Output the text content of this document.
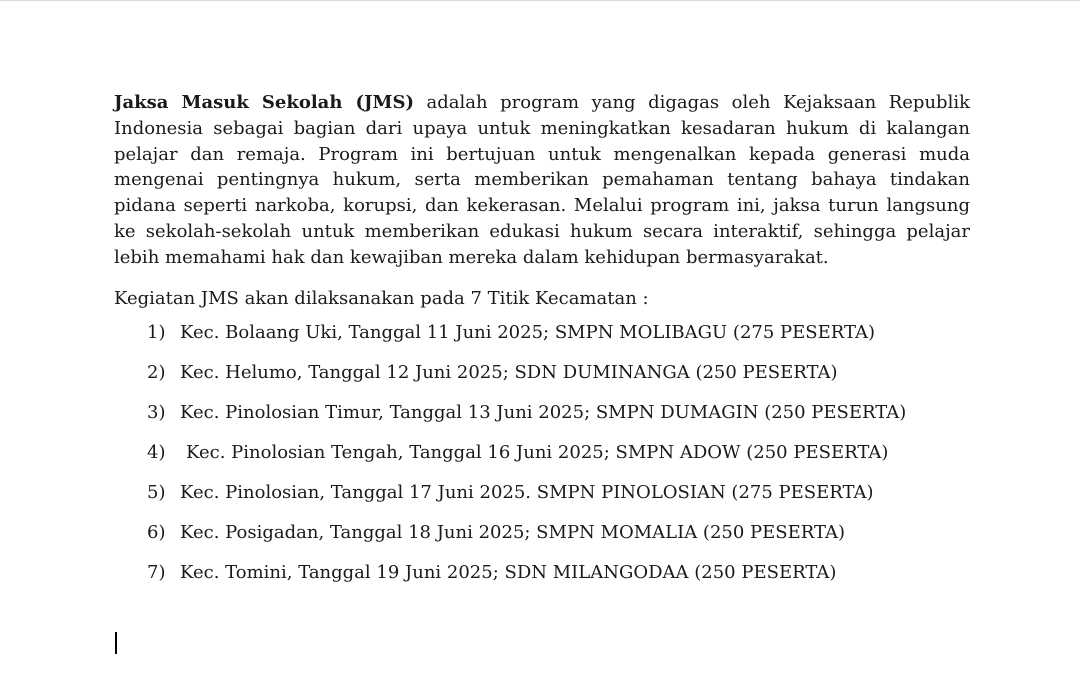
Jaksa Masuk Sekolah (JMS) adalah program yang digagas oleh Kejaksaan Republik Indonesia sebagai bagian dari upaya untuk meningkatkan kesadaran hukum di kalangan pelajar dan remaja. Program ini bertujuan untuk mengenalkan kepada generasi muda mengenai pentingnya hukum, serta memberikan pemahaman tentang bahaya tindakan pidana seperti narkoba, korupsi, dan kekerasan. Melalui program ini, jaksa turun langsung ke sekolah-sekolah untuk memberikan edukasi hukum secara interaktif, sehingga pelajar lebih memahami hak dan kewajiban mereka dalam kehidupan bermasyarakat.

Kegiatan JMS akan dilaksanakan pada 7 Titik Kecamatan :

1) Kec. Bolaang Uki, Tanggal 11 Juni 2025; SMPN MOLIBAGU (275 PESERTA)
2) Kec. Helumo, Tanggal 12 Juni 2025; SDN DUMINANGA (250 PESERTA)
3) Kec. Pinolosian Timur, Tanggal 13 Juni 2025; SMPN DUMAGIN (250 PESERTA)
4) Kec. Pinolosian Tengah, Tanggal 16 Juni 2025; SMPN ADOW (250 PESERTA)
5) Kec. Pinolosian, Tanggal 17 Juni 2025. SMPN PINOLOSIAN (275 PESERTA)
6) Kec. Posigadan, Tanggal 18 Juni 2025; SMPN MOMALIA (250 PESERTA)
7) Kec. Tomini, Tanggal 19 Juni 2025; SDN MILANGODAA (250 PESERTA)
